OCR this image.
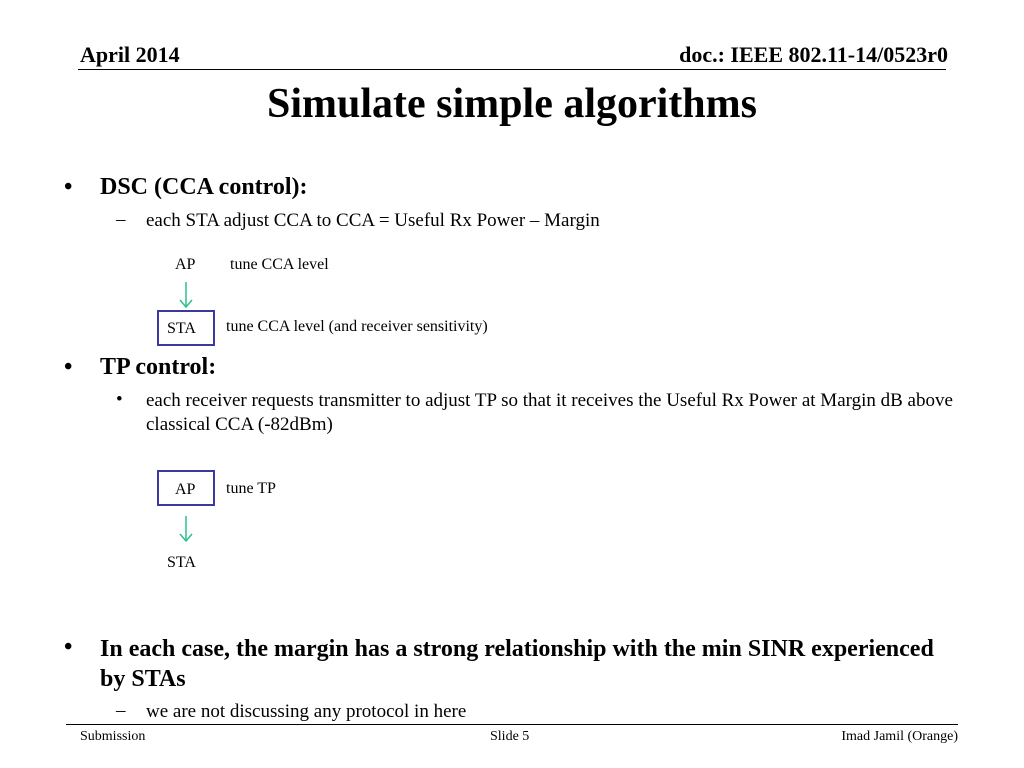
April 2014	doc.: IEEE 802.11-14/0523r0
Simulate simple algorithms
•	DSC (CCA control):
– each STA adjust CCA to CCA = Useful Rx Power – Margin
AP tune CCA level
STA tune CCA level (and receiver sensitivity)
•	TP control:
• each receiver requests transmitter to adjust TP so that it receives the Useful Rx Power at Margin dB above classical CCA (-82dBm)
AP tune TP
STA
•	In each case, the margin has a strong relationship with the min SINR experienced by STAs
– we are not discussing any protocol in here
Submission	Slide 5	Imad Jamil (Orange)
